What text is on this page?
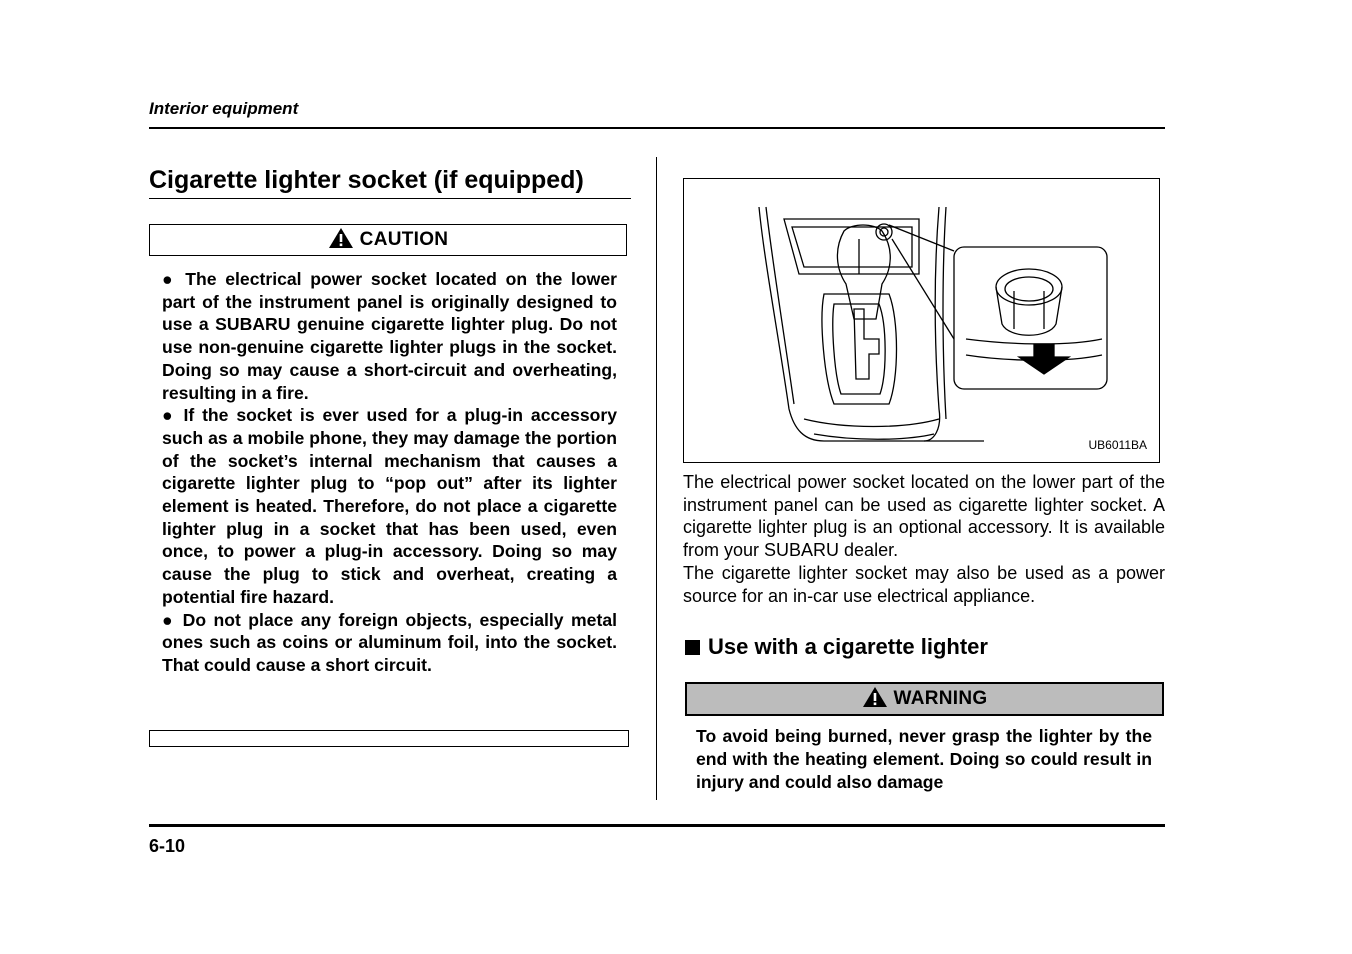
Interior equipment
Cigarette lighter socket (if equipped)
CAUTION

● The electrical power socket located on the lower part of the instrument panel is originally designed to use a SUBARU genuine cigarette lighter plug. Do not use non-genuine cigarette lighter plugs in the socket. Doing so may cause a short-circuit and overheating, resulting in a fire.

● If the socket is ever used for a plug-in accessory such as a mobile phone, they may damage the portion of the socket’s internal mechanism that causes a cigarette lighter plug to “pop out” after its lighter element is heated. Therefore, do not place a cigarette lighter plug in a socket that has been used, even once, to power a plug-in accessory. Doing so may cause the plug to stick and overheat, creating a potential fire hazard.

● Do not place any foreign objects, especially metal ones such as coins or aluminum foil, into the socket. That could cause a short circuit.

UB6011BA

The electrical power socket located on the lower part of the instrument panel can be used as cigarette lighter socket. A cigarette lighter plug is an optional accessory. It is available from your SUBARU dealer.

The cigarette lighter socket may also be used as a power source for an in-car use electrical appliance.

Use with a cigarette lighter
WARNING

To avoid being burned, never grasp the lighter by the end with the heating element. Doing so could result in injury and could also damage

6-10
